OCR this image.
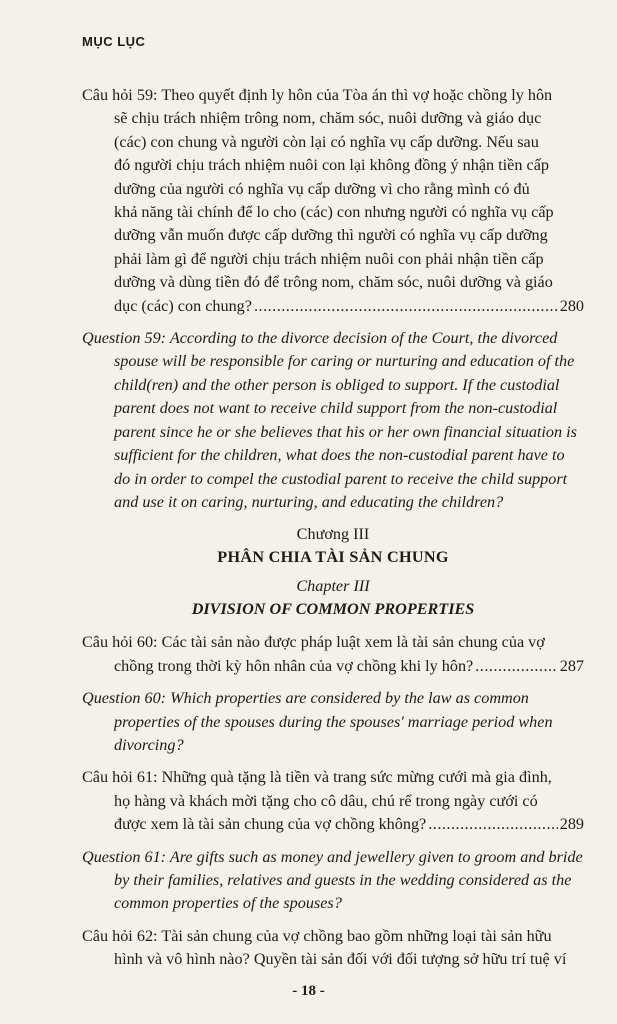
MỤC LỤC

Câu hỏi 59: Theo quyết định ly hôn của Tòa án thì vợ hoặc chồng ly hôn
sẽ chịu trách nhiệm trông nom, chăm sóc, nuôi dưỡng và giáo dục
(các) con chung và người còn lại có nghĩa vụ cấp dưỡng. Nếu sau
đó người chịu trách nhiệm nuôi con lại không đồng ý nhận tiền cấp
dưỡng của người có nghĩa vụ cấp dưỡng vì cho rằng mình có đủ
khả năng tài chính để lo cho (các) con nhưng người có nghĩa vụ cấp
dưỡng vẫn muốn được cấp dưỡng thì người có nghĩa vụ cấp dưỡng
phải làm gì để người chịu trách nhiệm nuôi con phải nhận tiền cấp
dưỡng và dùng tiền đó để trông nom, chăm sóc, nuôi dưỡng và giáo

dục (các) con chung? .....	280

Question 59: According to the divorce decision of the Court, the divorced
spouse will be responsible for caring or nurturing and education of the
child(ren) and the other person is obliged to support. If the custodial
parent does not want to receive child support from the non-custodial
parent since he or she believes that his or her own financial situation is
sufficient for the children, what does the non-custodial parent have to
do in order to compel the custodial parent to receive the child support
and use it on caring, nurturing, and educating the children?

Chương III
PHÂN CHIA TÀI SẢN CHUNG
Chapter III
DIVISION OF COMMON PROPERTIES

Câu hỏi 60: Các tài sản nào được pháp luật xem là tài sản chung của vợ

chồng trong thời kỳ hôn nhân của vợ chồng khi ly hôn? .....	287

Question 60: Which properties are considered by the law as common
properties of the spouses during the spouses' marriage period when
divorcing?

Câu hỏi 61: Những quà tặng là tiền và trang sức mừng cưới mà gia đình,
họ hàng và khách mời tặng cho cô dâu, chú rể trong ngày cưới có

được xem là tài sản chung của vợ chồng không? .....	289

Question 61: Are gifts such as money and jewellery given to groom and bride
by their families, relatives and guests in the wedding considered as the
common properties of the spouses?

Câu hỏi 62: Tài sản chung của vợ chồng bao gồm những loại tài sản hữu
hình và vô hình nào? Quyền tài sản đối với đối tượng sở hữu trí tuệ ví

- 18 -
